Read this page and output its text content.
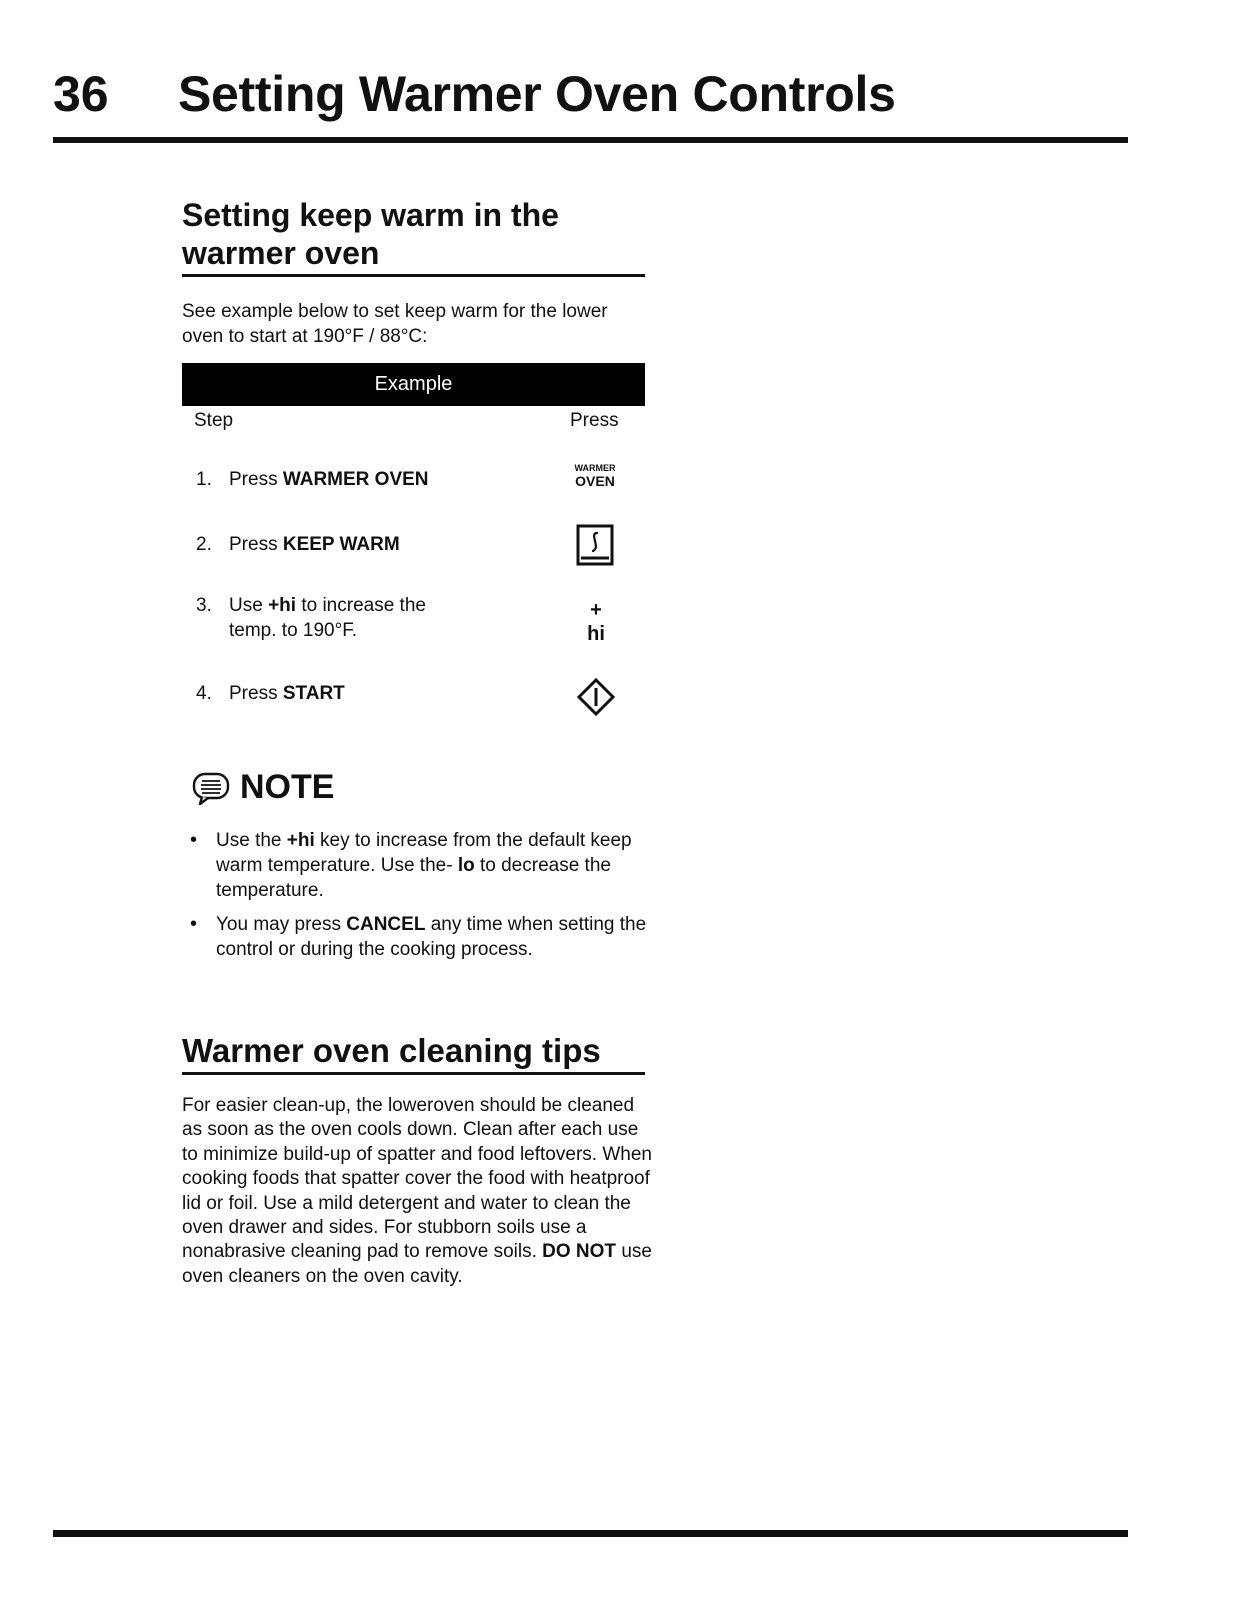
36 Setting Warmer Oven Controls
Setting keep warm in the warmer oven

See example below to set keep warm for the lower oven to start at 190°F / 88°C:

Example
Step	Press
1. Press WARMER OVEN
2. Press KEEP WARM
3. Use +hi to increase the
temp. to 190°F.
4. Press START
WARMER
OVEN
+
hi
NOTE
• Use the +hi key to increase from the default keep warm temperature. Use the- lo to decrease the temperature.
• You may press CANCEL any time when setting the control or during the cooking process.
Warmer oven cleaning tips

For easier clean-up, the loweroven should be cleaned as soon as the oven cools down. Clean after each use to minimize build-up of spatter and food leftovers. When cooking foods that spatter cover the food with heatproof lid or foil. Use a mild detergent and water to clean the oven drawer and sides. For stubborn soils use a nonabrasive cleaning pad to remove soils. DO NOT use oven cleaners on the oven cavity.
